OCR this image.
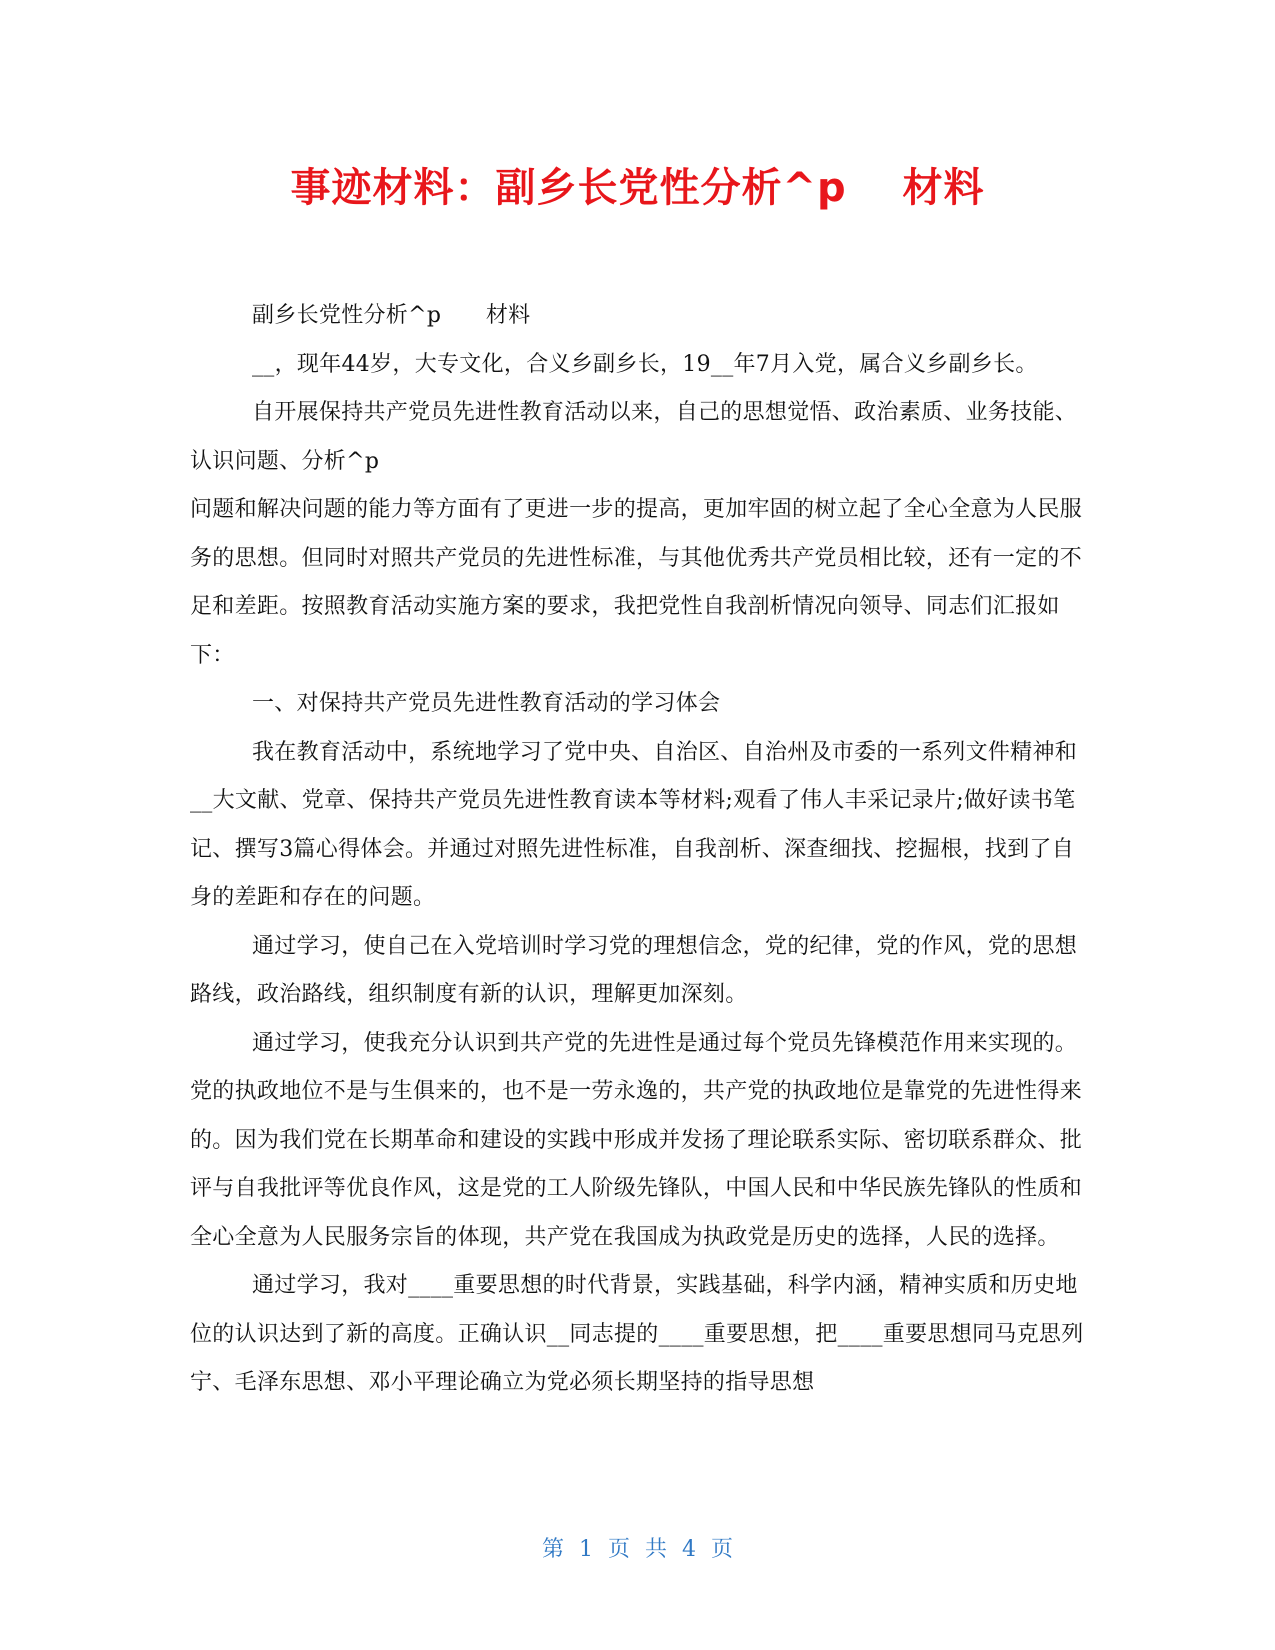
事迹材料：副乡长党性分析^p　 材料

副乡长党性分析^p　　材料

__，现年44岁，大专文化，合义乡副乡长，19__年7月入党，属合义乡副乡长。

自开展保持共产党员先进性教育活动以来，自己的思想觉悟、政治素质、业务技能、认识问题、分析^p

问题和解决问题的能力等方面有了更进一步的提高，更加牢固的树立起了全心全意为人民服务的思想。但同时对照共产党员的先进性标准，与其他优秀共产党员相比较，还有一定的不足和差距。按照教育活动实施方案的要求，我把党性自我剖析情况向领导、同志们汇报如下：

一、对保持共产党员先进性教育活动的学习体会

我在教育活动中，系统地学习了党中央、自治区、自治州及市委的一系列文件精神和__大文献、党章、保持共产党员先进性教育读本等材料;观看了伟人丰采记录片;做好读书笔记、撰写3篇心得体会。并通过对照先进性标准，自我剖析、深查细找、挖掘根，找到了自身的差距和存在的问题。

通过学习，使自己在入党培训时学习党的理想信念，党的纪律，党的作风，党的思想路线，政治路线，组织制度有新的认识，理解更加深刻。

通过学习，使我充分认识到共产党的先进性是通过每个党员先锋模范作用来实现的。党的执政地位不是与生俱来的，也不是一劳永逸的，共产党的执政地位是靠党的先进性得来的。因为我们党在长期革命和建设的实践中形成并发扬了理论联系实际、密切联系群众、批评与自我批评等优良作风，这是党的工人阶级先锋队，中国人民和中华民族先锋队的性质和全心全意为人民服务宗旨的体现，共产党在我国成为执政党是历史的选择，人民的选择。

通过学习，我对____重要思想的时代背景，实践基础，科学内涵，精神实质和历史地位的认识达到了新的高度。正确认识__同志提的____重要思想，把____重要思想同马克思列宁、毛泽东思想、邓小平理论确立为党必须长期坚持的指导思想

第 1 页 共 4 页
